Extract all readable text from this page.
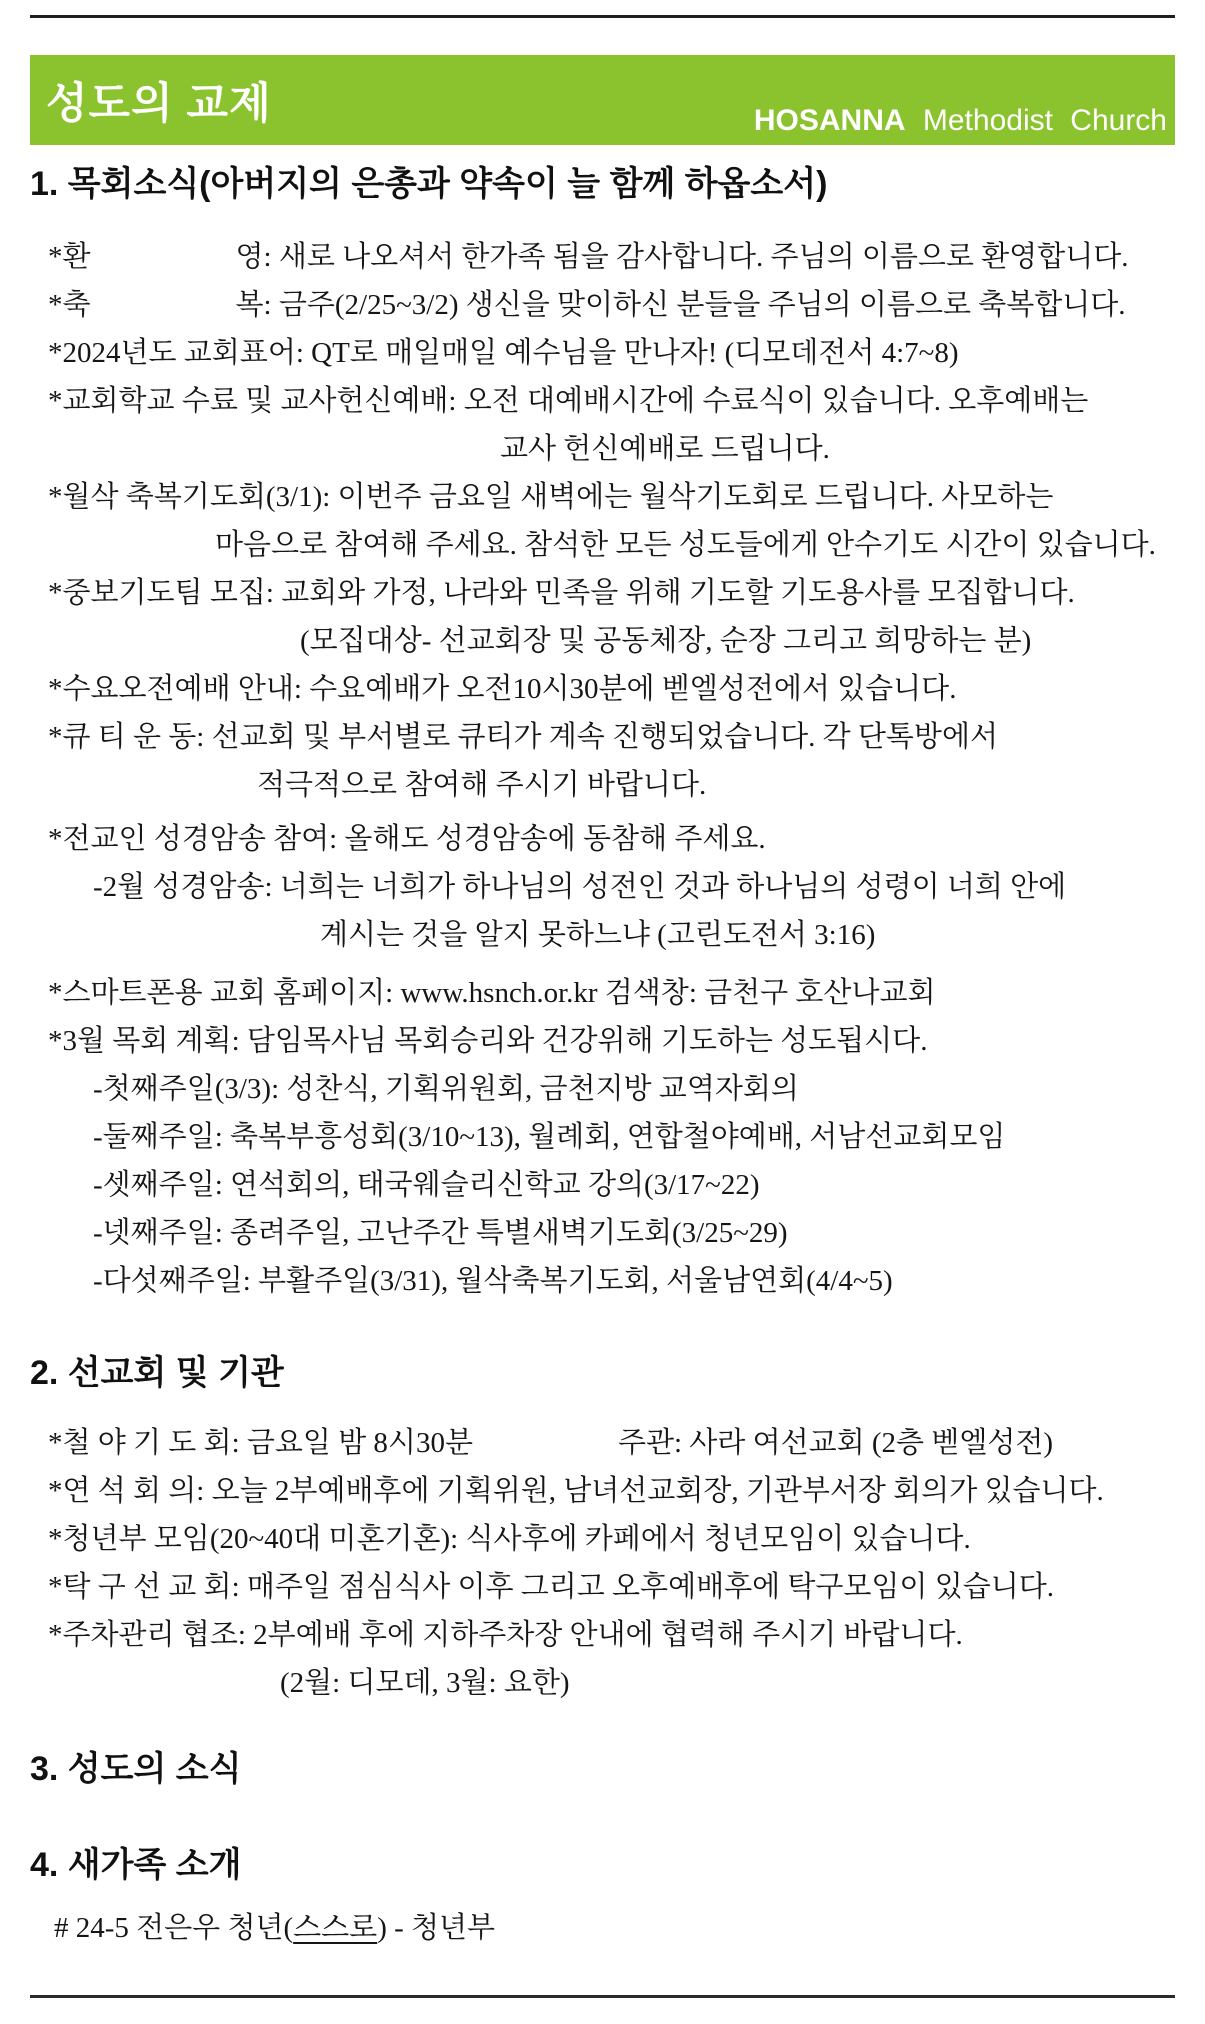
성도의 교제	HOSANNA Methodist Church
1. 목회소식(아버지의 은총과 약속이 늘 함께 하옵소서)
*환　　　　　영: 새로 나오셔서 한가족 됨을 감사합니다. 주님의 이름으로 환영합니다.
*축　　　　　복: 금주(2/25~3/2) 생신을 맞이하신 분들을 주님의 이름으로 축복합니다.
*2024년도 교회표어: QT로 매일매일 예수님을 만나자! (디모데전서 4:7~8)
*교회학교 수료 및 교사헌신예배: 오전 대예배시간에 수료식이 있습니다. 오후예배는
교사 헌신예배로 드립니다.
*월삭 축복기도회(3/1): 이번주 금요일 새벽에는 월삭기도회로 드립니다. 사모하는
마음으로 참여해 주세요. 참석한 모든 성도들에게 안수기도 시간이 있습니다.
*중보기도팀 모집: 교회와 가정, 나라와 민족을 위해 기도할 기도용사를 모집합니다.
(모집대상- 선교회장 및 공동체장, 순장 그리고 희망하는 분)
*수요오전예배 안내: 수요예배가 오전10시30분에 벧엘성전에서 있습니다.
*큐 티 운 동: 선교회 및 부서별로 큐티가 계속 진행되었습니다. 각 단톡방에서
적극적으로 참여해 주시기 바랍니다.
*전교인 성경암송 참여: 올해도 성경암송에 동참해 주세요.
-2월 성경암송: 너희는 너희가 하나님의 성전인 것과 하나님의 성령이 너희 안에
계시는 것을 알지 못하느냐 (고린도전서 3:16)
*스마트폰용 교회 홈페이지: www.hsnch.or.kr 검색창: 금천구 호산나교회
*3월 목회 계획: 담임목사님 목회승리와 건강위해 기도하는 성도됩시다.
-첫째주일(3/3): 성찬식, 기획위원회, 금천지방 교역자회의
-둘째주일: 축복부흥성회(3/10~13), 월례회, 연합철야예배, 서남선교회모임
-셋째주일: 연석회의, 태국웨슬리신학교 강의(3/17~22)
-넷째주일: 종려주일, 고난주간 특별새벽기도회(3/25~29)
-다섯째주일: 부활주일(3/31), 월삭축복기도회, 서울남연회(4/4~5)
2. 선교회 및 기관
*철 야 기 도 회: 금요일 밤 8시30분　　　　　주관: 사라 여선교회 (2층 벧엘성전)
*연 석 회 의: 오늘 2부예배후에 기획위원, 남녀선교회장, 기관부서장 회의가 있습니다.
*청년부 모임(20~40대 미혼기혼): 식사후에 카페에서 청년모임이 있습니다.
*탁 구 선 교 회: 매주일 점심식사 이후 그리고 오후예배후에 탁구모임이 있습니다.
*주차관리 협조: 2부예배 후에 지하주차장 안내에 협력해 주시기 바랍니다.
(2월: 디모데, 3월: 요한)
3. 성도의 소식
4. 새가족 소개
# 24-5 전은우 청년(스스로) - 청년부
